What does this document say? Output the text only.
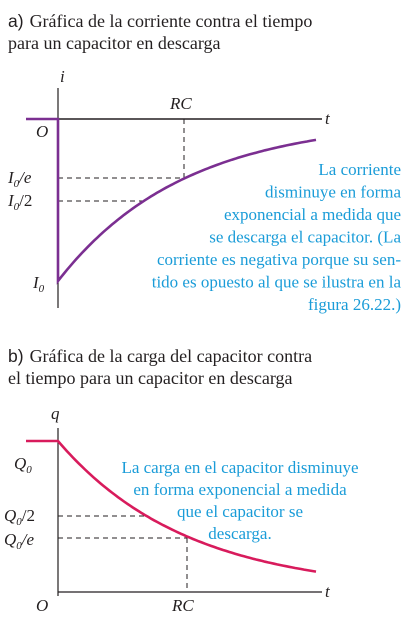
a) Gráfica de la corriente contra el tiempo
para un capacitor en descarga
b) Gráfica de la carga del capacitor contra
el tiempo para un capacitor en descarga
i
t
O
RC
$I_0/e$
$I_0/2$
$I_0$
La corriente disminuye en forma exponencial a medida que se descarga el capacitor. (La corriente es negativa porque su sen-tido es opuesto al que se ilustra en la figura 26.22.)
q
t
O	RC
$Q_0$
$Q_0/2$
$Q_0/e$
La carga en el capacitor disminuye en forma exponencial a medida que el capacitor se descarga.
